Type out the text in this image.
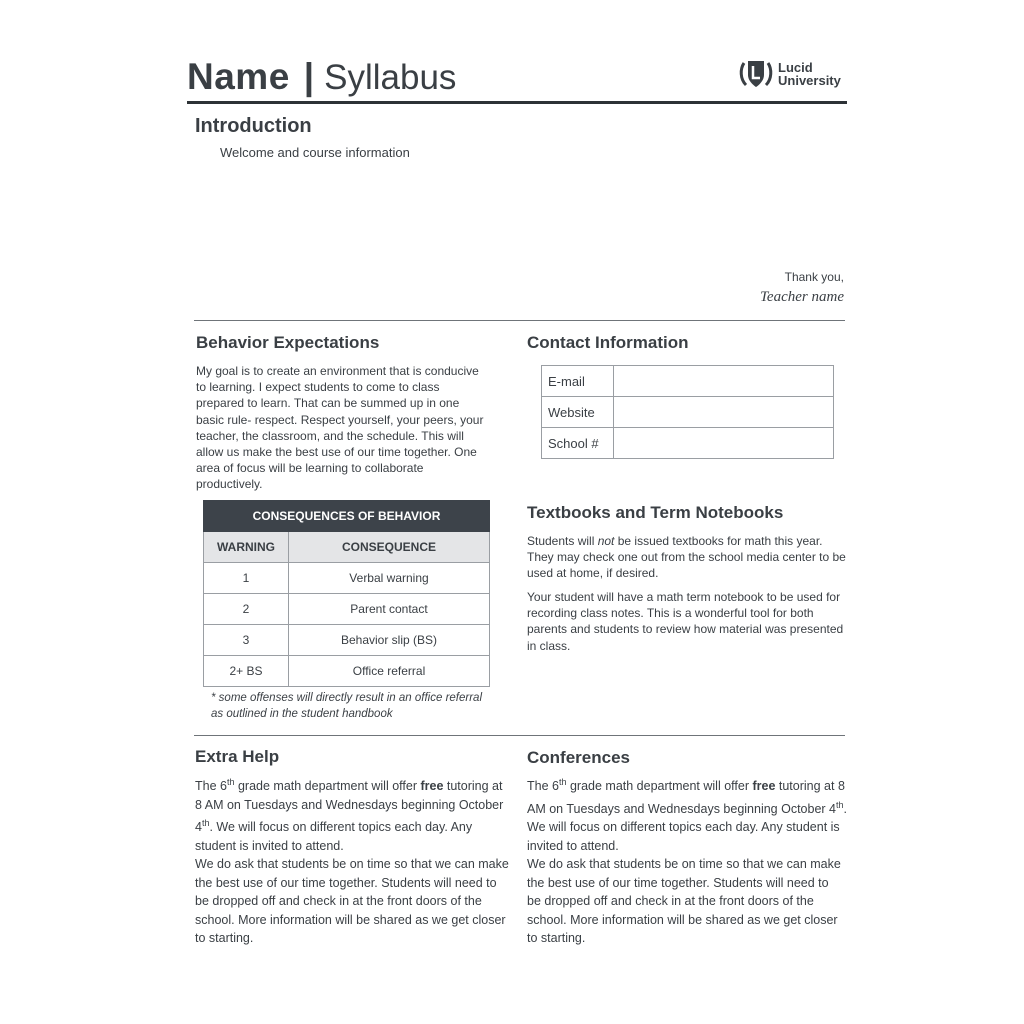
Name | Syllabus	Lucid
University
Introduction
Welcome and course information
Thank you,
Teacher name
Behavior Expectations
My goal is to create an environment that is conducive to learning. I expect students to come to class prepared to learn. That can be summed up in one basic rule- respect. Respect yourself, your peers, your teacher, the classroom, and the schedule. This will allow us make the best use of our time together. One area of focus will be learning to collaborate productively.
CONSEQUENCES OF BEHAVIOR	
WARNING	CONSEQUENCE
1	Verbal warning
2	Parent contact
3	Behavior slip (BS)
2+ BS	Office referral
* some offenses will directly result in an office referral
as outlined in the student handbook
Contact Information
E-mail	
Website	
School #	
Textbooks and Term Notebooks
Students will not be issued textbooks for math this year. They may check one out from the school media center to be used at home, if desired.
Your student will have a math term notebook to be used for recording class notes. This is a wonderful tool for both parents and students to review how material was presented in class.
Extra Help
The 6th grade math department will offer free tutoring at 8 AM on Tuesdays and Wednesdays beginning October 4th. We will focus on different topics each day. Any student is invited to attend.
We do ask that students be on time so that we can make the best use of our time together. Students will need to be dropped off and check in at the front doors of the school. More information will be shared as we get closer to starting.
Conferences
The 6th grade math department will offer free tutoring at 8 AM on Tuesdays and Wednesdays beginning October 4th. We will focus on different topics each day. Any student is invited to attend.
We do ask that students be on time so that we can make the best use of our time together. Students will need to be dropped off and check in at the front doors of the school. More information will be shared as we get closer to starting.
